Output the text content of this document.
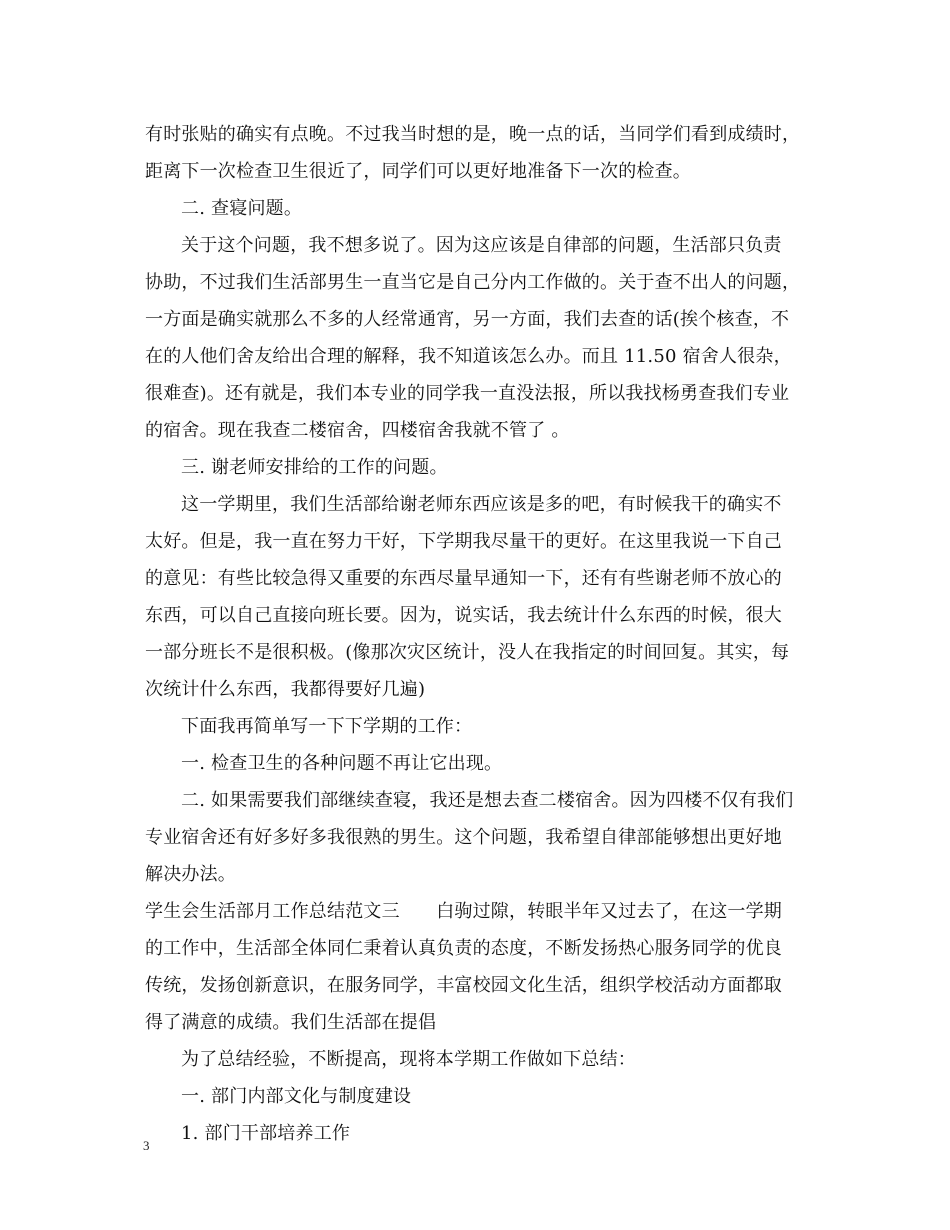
有时张贴的确实有点晚。不过我当时想的是，晚一点的话，当同学们看到成绩时，
距离下一次检查卫生很近了，同学们可以更好地准备下一次的检查。
二. 查寝问题。
关于这个问题，我不想多说了。因为这应该是自律部的问题，生活部只负责
协助，不过我们生活部男生一直当它是自己分内工作做的。关于查不出人的问题，
一方面是确实就那么不多的人经常通宵，另一方面，我们去查的话(挨个核查，不
在的人他们舍友给出合理的解释，我不知道该怎么办。而且 11.50 宿舍人很杂，
很难查)。还有就是，我们本专业的同学我一直没法报，所以我找杨勇查我们专业
的宿舍。现在我查二楼宿舍，四楼宿舍我就不管了 。
三. 谢老师安排给的工作的问题。
这一学期里，我们生活部给谢老师东西应该是多的吧，有时候我干的确实不
太好。但是，我一直在努力干好，下学期我尽量干的更好。在这里我说一下自己
的意见：有些比较急得又重要的东西尽量早通知一下，还有有些谢老师不放心的
东西，可以自己直接向班长要。因为，说实话，我去统计什么东西的时候，很大
一部分班长不是很积极。(像那次灾区统计，没人在我指定的时间回复。其实，每
次统计什么东西，我都得要好几遍)
下面我再简单写一下下学期的工作：
一. 检查卫生的各种问题不再让它出现。
二. 如果需要我们部继续查寝，我还是想去查二楼宿舍。因为四楼不仅有我们
专业宿舍还有好多好多我很熟的男生。这个问题，我希望自律部能够想出更好地
解决办法。
学生会生活部月工作总结范文三　　白驹过隙，转眼半年又过去了，在这一学期
的工作中，生活部全体同仁秉着认真负责的态度，不断发扬热心服务同学的优良
传统，发扬创新意识，在服务同学，丰富校园文化生活，组织学校活动方面都取
得了满意的成绩。我们生活部在提倡
为了总结经验，不断提高，现将本学期工作做如下总结：
一. 部门内部文化与制度建设
1. 部门干部培养工作
3
